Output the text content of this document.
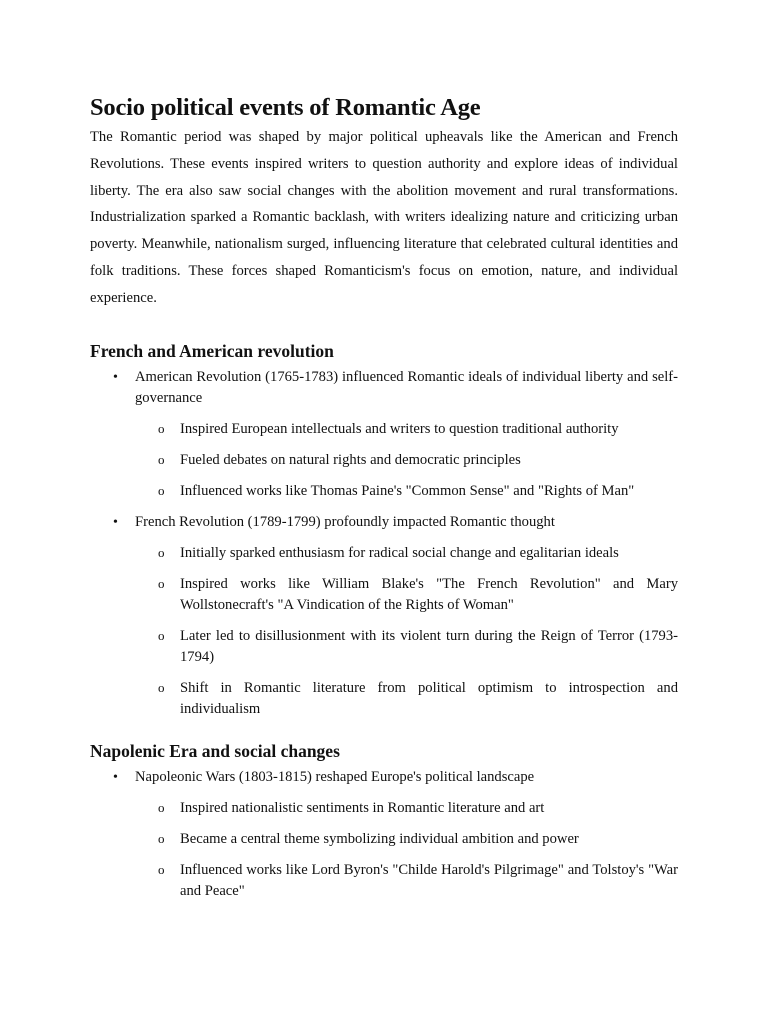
Socio political events of Romantic Age

The Romantic period was shaped by major political upheavals like the American and French Revolutions. These events inspired writers to question authority and explore ideas of individual liberty. The era also saw social changes with the abolition movement and rural transformations. Industrialization sparked a Romantic backlash, with writers idealizing nature and criticizing urban poverty. Meanwhile, nationalism surged, influencing literature that celebrated cultural identities and folk traditions. These forces shaped Romanticism's focus on emotion, nature, and individual experience.

French and American revolution
• American Revolution (1765-1783) influenced Romantic ideals of individual liberty and self-governance
o Inspired European intellectuals and writers to question traditional authority
o Fueled debates on natural rights and democratic principles
o Influenced works like Thomas Paine's "Common Sense" and "Rights of Man"
• French Revolution (1789-1799) profoundly impacted Romantic thought
o Initially sparked enthusiasm for radical social change and egalitarian ideals
o Inspired works like William Blake's "The French Revolution" and Mary Wollstonecraft's "A Vindication of the Rights of Woman"
o Later led to disillusionment with its violent turn during the Reign of Terror (1793-1794)
o Shift in Romantic literature from political optimism to introspection and individualism
Napolenic Era and social changes
• Napoleonic Wars (1803-1815) reshaped Europe's political landscape
o Inspired nationalistic sentiments in Romantic literature and art
o Became a central theme symbolizing individual ambition and power
o Influenced works like Lord Byron's "Childe Harold's Pilgrimage" and Tolstoy's "War and Peace"
